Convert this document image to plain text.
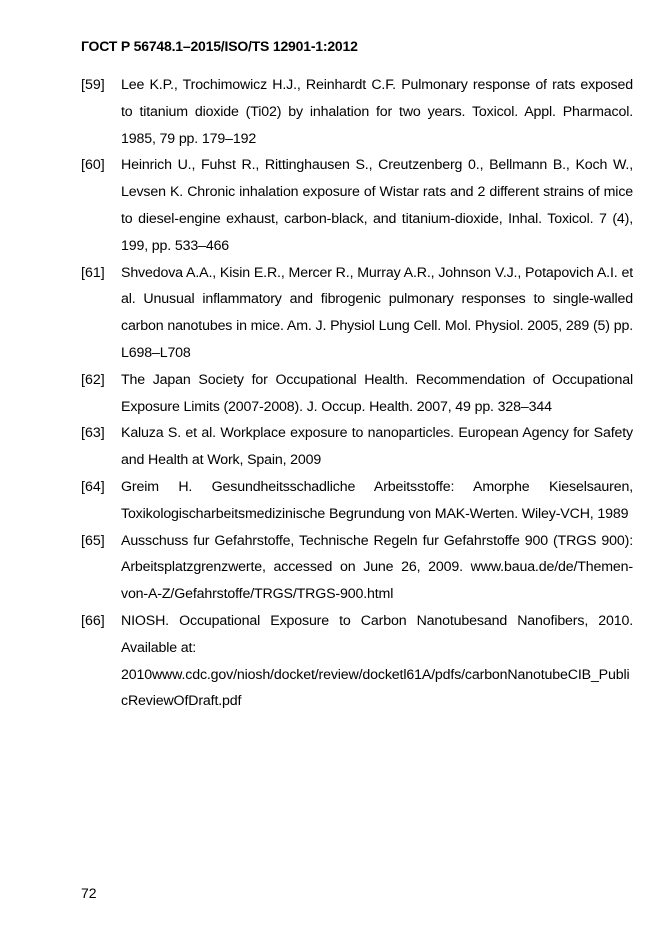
ГОСТ Р 56748.1–2015/ISO/TS 12901-1:2012
[59]	Lee K.P., Trochimowicz H.J., Reinhardt C.F. Pulmonary response of rats exposed to titanium dioxide (Ti02) by inhalation for two years. Toxicol. Appl. Pharmacol. 1985, 79 pp. 179–192
[60]	Heinrich U., Fuhst R., Rittinghausen S., Creutzenberg 0., Bellmann B., Koch W., Levsen K. Chronic inhalation exposure of Wistar rats and 2 different strains of mice to diesel-engine exhaust, carbon-black, and titanium-dioxide, Inhal. Toxicol. 7 (4), 199, pp. 533–466
[61]	Shvedova A.A., Kisin E.R., Mercer R., Murray A.R., Johnson V.J., Potapovich A.I. et al. Unusual inflammatory and fibrogenic pulmonary responses to single-walled carbon nanotubes in mice. Am. J. Physiol Lung Cell. Mol. Physiol. 2005, 289 (5) pp. L698–L708
[62]	The Japan Society for Occupational Health. Recommendation of Occupational Exposure Limits (2007-2008). J. Occup. Health. 2007, 49 pp. 328–344
[63]	Kaluza S. et al. Workplace exposure to nanoparticles. European Agency for Safety and Health at Work, Spain, 2009
[64]	Greim H. Gesundheitsschadliche Arbeitsstoffe: Amorphe Kieselsauren, Toxikologischarbeitsmedizinische Begrundung von MAK-Werten. Wiley-VCH, 1989
[65]	Ausschuss fur Gefahrstoffe, Technische Regeln fur Gefahrstoffe 900 (TRGS 900): Arbeitsplatzgrenzwerte, accessed on June 26, 2009. www.baua.de/de/Themen-von-A-Z/Gefahrstoffe/TRGS/TRGS-900.html
[66]	NIOSH. Occupational Exposure to Carbon Nanotubesand Nanofibers, 2010. Available at:
2010www.cdc.gov/niosh/docket/review/docketl61A/pdfs/carbonNanotubeCIB_PublicReviewOfDraft.pdf
72
